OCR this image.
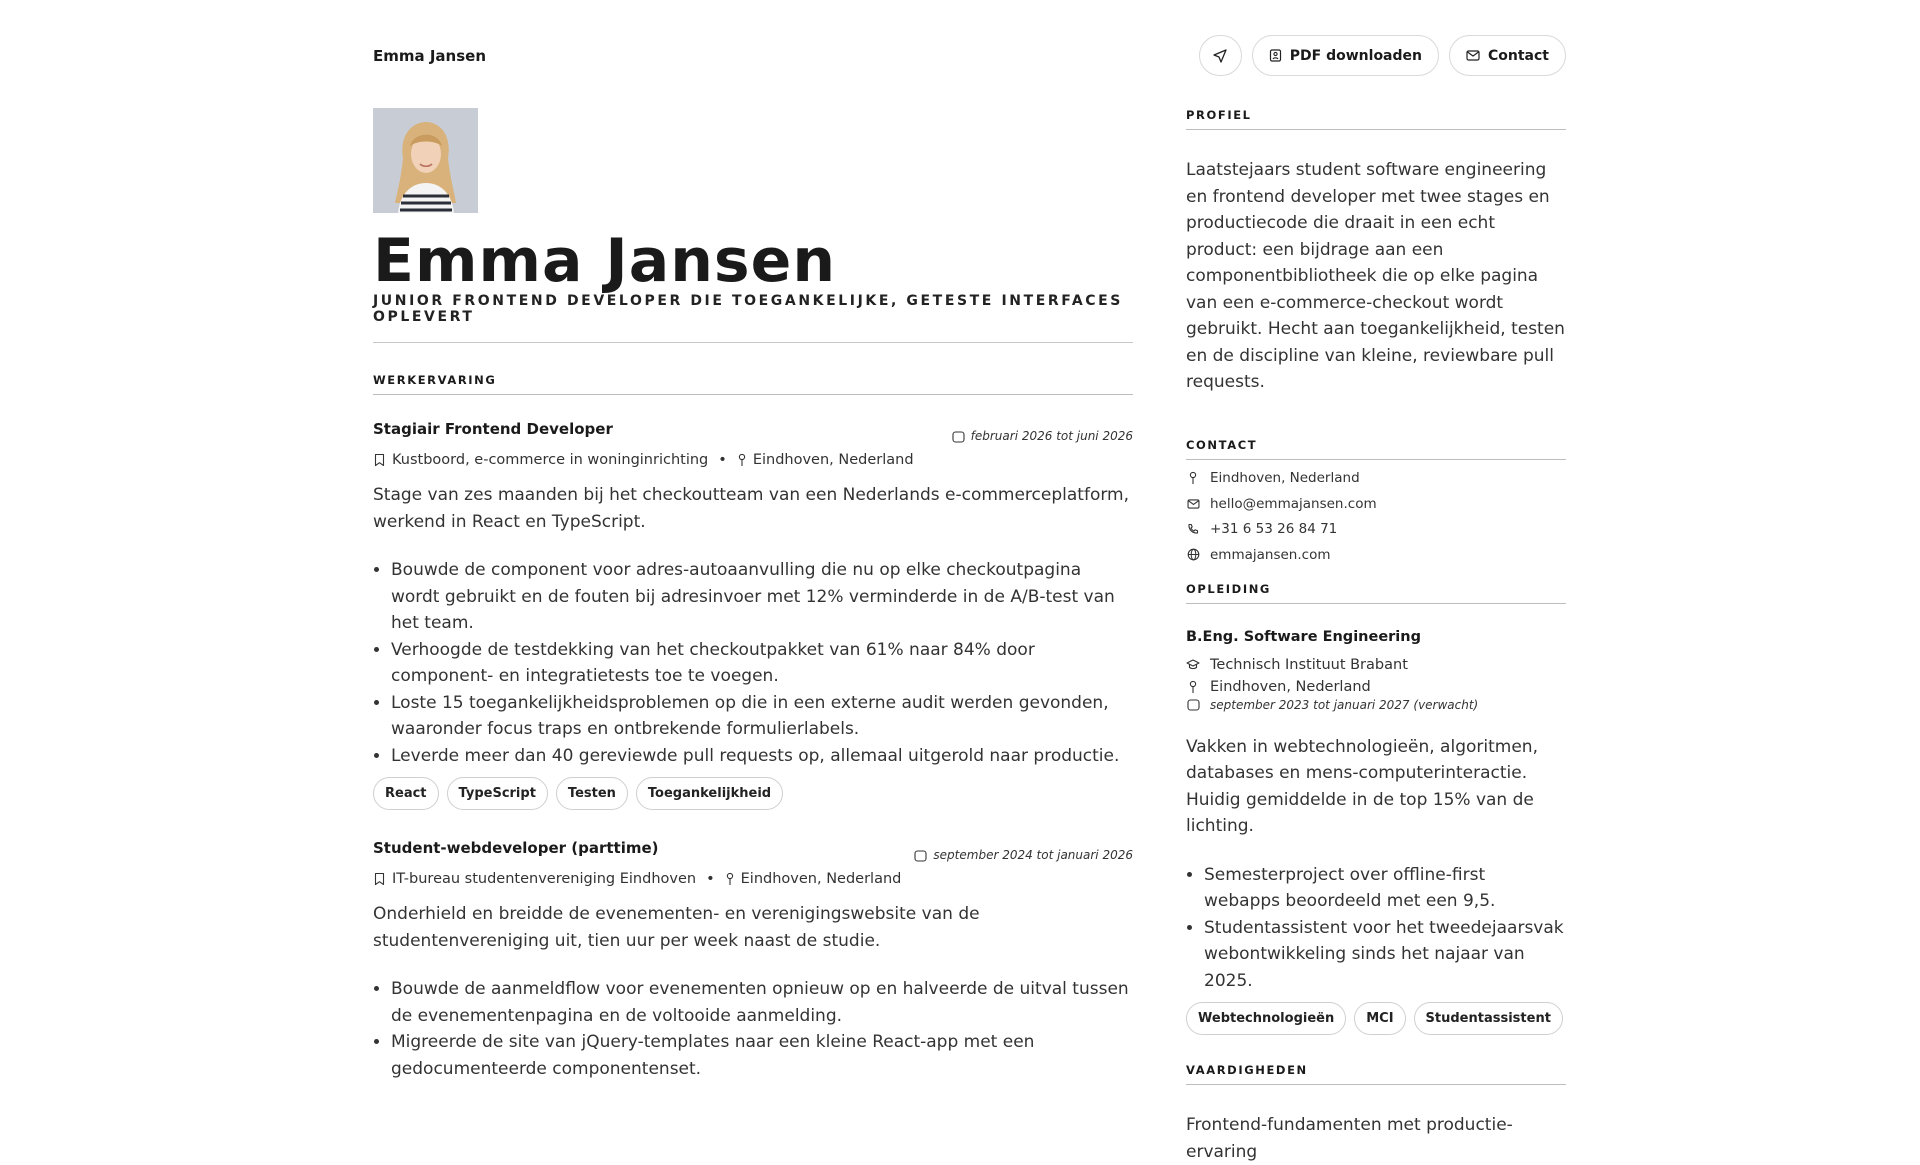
Emma Jansen	PDF downloaden	Contact
Emma Jansen
JUNIOR FRONTEND DEVELOPER DIE TOEGANKELIJKE, GETESTE INTERFACES OPLEVERT
WERKERVARING
Stagiair Frontend Developer	februari 2026 tot juni 2026
Kustboord, e-commerce in woninginrichting • Eindhoven, Nederland
Stage van zes maanden bij het checkoutteam van een Nederlands e-commerceplatform, werkend in React en TypeScript.
• Bouwde de component voor adres-autoaanvulling die nu op elke checkoutpagina wordt gebruikt en de fouten bij adresinvoer met 12% verminderde in de A/B-test van het team.
• Verhoogde de testdekking van het checkoutpakket van 61% naar 84% door component- en integratietests toe te voegen.
• Loste 15 toegankelijkheidsproblemen op die in een externe audit werden gevonden, waaronder focus traps en ontbrekende formulierlabels.
• Leverde meer dan 40 gereviewde pull requests op, allemaal uitgerold naar productie.
React	TypeScript	Testen	Toegankelijkheid
Student-webdeveloper (parttime)	september 2024 tot januari 2026
IT-bureau studentenvereniging Eindhoven • Eindhoven, Nederland
Onderhield en breidde de evenementen- en verenigingswebsite van de studentenvereniging uit, tien uur per week naast de studie.
• Bouwde de aanmeldflow voor evenementen opnieuw op en halveerde de uitval tussen de evenementenpagina en de voltooide aanmelding.
• Migreerde de site van jQuery-templates naar een kleine React-app met een gedocumenteerde componentenset.
PROFIEL
Laatstejaars student software engineering en frontend developer met twee stages en productiecode die draait in een echt product: een bijdrage aan een componentbibliotheek die op elke pagina van een e-commerce-checkout wordt gebruikt. Hecht aan toegankelijkheid, testen en de discipline van kleine, reviewbare pull requests.
CONTACT
Eindhoven, Nederland
hello@emmajansen.com
+31 6 53 26 84 71
emmajansen.com
OPLEIDING
B.Eng. Software Engineering
Technisch Instituut Brabant
Eindhoven, Nederland
september 2023 tot januari 2027 (verwacht)
Vakken in webtechnologieën, algoritmen, databases en mens-computerinteractie. Huidig gemiddelde in de top 15% van de lichting.
• Semesterproject over offline-first webapps beoordeeld met een 9,5.
• Studentassistent voor het tweedejaarsvak webontwikkeling sinds het najaar van 2025.
Webtechnologieën	MCI	Studentassistent
VAARDIGHEDEN
Frontend-fundamenten met productie-ervaring
